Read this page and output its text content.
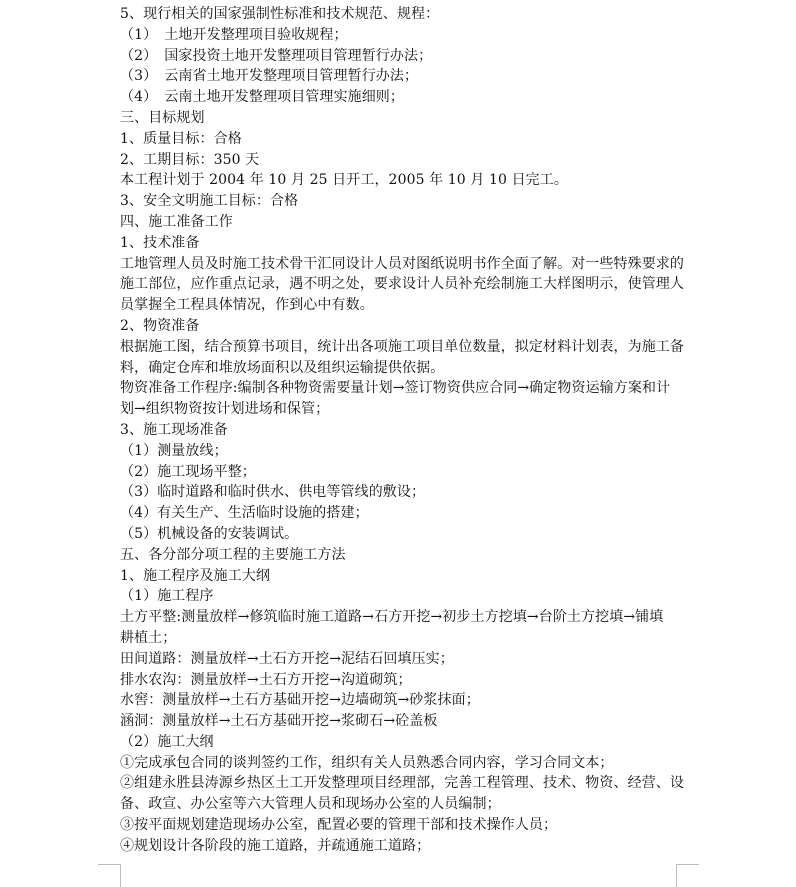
5、现行相关的国家强制性标准和技术规范、规程：
（1）　土地开发整理项目验收规程；
（2）　国家投资土地开发整理项目管理暂行办法；
（3）　云南省土地开发整理项目管理暂行办法；
（4）　云南土地开发整理项目管理实施细则；
三、目标规划
1、质量目标：合格
2、工期目标：350 天
本工程计划于 2004 年 10 月 25 日开工，2005 年 10 月 10 日完工。
3、安全文明施工目标：合格
四、施工准备工作
1、技术准备
工地管理人员及时施工技术骨干汇同设计人员对图纸说明书作全面了解。对一些特殊要求的
施工部位，应作重点记录，遇不明之处，要求设计人员补充绘制施工大样图明示，使管理人
员掌握全工程具体情况，作到心中有数。
2、物资准备
根据施工图，结合预算书项目，统计出各项施工项目单位数量，拟定材料计划表，为施工备
料，确定仓库和堆放场面积以及组织运输提供依据。
物资准备工作程序:编制各种物资需要量计划→签订物资供应合同→确定物资运输方案和计
划→组织物资按计划进场和保管；
3、施工现场准备
（1）测量放线；
（2）施工现场平整；
（3）临时道路和临时供水、供电等管线的敷设；
（4）有关生产、生活临时设施的搭建；
（5）机械设备的安装调试。
五、各分部分项工程的主要施工方法
1、施工程序及施工大纲
（1）施工程序
土方平整:测量放样→修筑临时施工道路→石方开挖→初步土方挖填→台阶土方挖填→铺填
耕植土；
田间道路：测量放样→土石方开挖→泥结石回填压实；
排水农沟：测量放样→土石方开挖→沟道砌筑；
水窖：测量放样→土石方基础开挖→边墙砌筑→砂浆抹面；
涵洞：测量放样→土石方基础开挖→浆砌石→砼盖板
（2）施工大纲
①完成承包合同的谈判签约工作，组织有关人员熟悉合同内容，学习合同文本；
②组建永胜县涛源乡热区土工开发整理项目经理部，完善工程管理、技术、物资、经营、设
备、政宣、办公室等六大管理人员和现场办公室的人员编制；
③按平面规划建造现场办公室，配置必要的管理干部和技术操作人员；
④规划设计各阶段的施工道路，并疏通施工道路；
